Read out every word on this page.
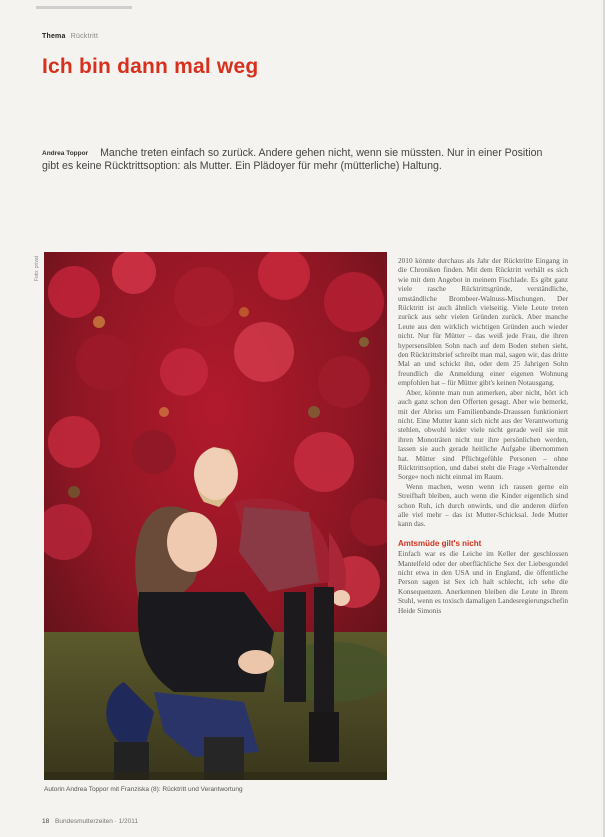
Thema Rücktritt
Ich bin dann mal weg

Andrea Toppor Manche treten einfach so zurück. Andere gehen nicht, wenn sie müssten. Nur in einer Position gibt es keine Rücktrittsoption: als Mutter. Ein Plädoyer für mehr (mütterliche) Haltung.

Foto: privat
Autorin Andrea Toppor mit Franziska (8): Rücktritt und Verantwortung

2010 könnte durchaus als Jahr der Rücktritte Eingang in die Chroniken finden. Mit dem Rücktritt verhält es sich wie mit dem Angebot in meinem Fischlade. Es gibt ganz viele rasche Rücktrittsgründe, verständliche, umständliche Brombeer-Walnuss-Mischungen. Der Rücktritt ist auch ähnlich vielseitig. Viele Leute treten zurück aus sehr vielen Gründen zurück. Aber manche Leute aus den wirklich wichtigen Gründen auch wieder nicht. Nur für Mütter – das weiß jede Frau, die ihren hypersensiblen Sohn nach auf dem Boden stehen sieht, den Rücktrittsbrief schreibt man mal, sagen wir, das dritte Mal an und schickt ihn, oder dem 25 Jahrigen Sohn freundlich die Anmeldung einer eigenen Wohnung empfohlen hat – für Mütter gibt's keinen Notausgang.

Aber, könnte man nun anmerken, aber nicht, hört ich auch ganz schon den Offerten gesagt. Aber wie bemerkt, mit der Abriss um Familienbande-Draussen funktioniert nicht. Eine Mutter kann sich nicht aus der Verantwortung stehlen, obwohl leider viele nicht gerade weil sie mit ihren Monoträten nicht nur ihre persönlichen werden, lassen sie auch gerade heitliche Aufgabe übernommen hat. Mütter sind Pflichtgefühle Personen – ohne Rücktrittsoption, und dabei steht die Frage »Verhaltender Sorge« noch nicht einmal im Raum.

Wenn machen, wenn wenn ich rausen gerne ein Streifhaft bleiben, auch wenn die Kinder eigentlich sind schon Ruh, ich durch onwirds, und die anderen dürfen alle viel mehr – das ist Mutter-Schicksal. Jede Mutter kann das.

Amtsmüde gilt's nicht

Einfach war es die Leiche im Keller der geschlossen Mantelfeld oder der oberflächliche Sex der Liebesgondel nicht etwa in den USA und in England, die öffentliche Person sagen ist Sex ich halt schlecht, ich sehe die Konsequenzen. Anerkennen bleiben die Leute in Ihrem Stuhl, wenn es toxisch damaligen Landesregierungschefin Heide Simonis

18 Bundesmutterzeiten · 1/2011
